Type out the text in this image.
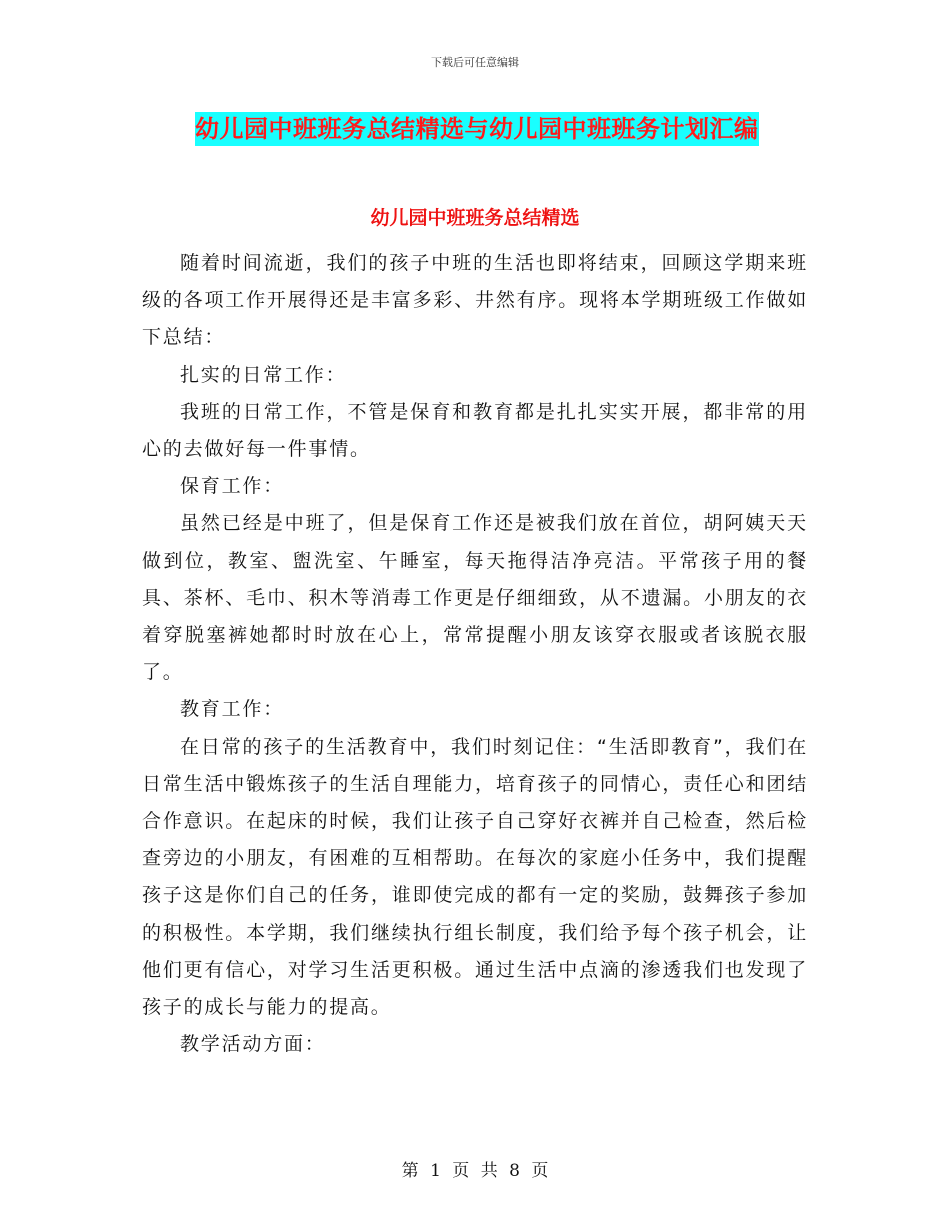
下载后可任意编辑
幼儿园中班班务总结精选与幼儿园中班班务计划汇编
幼儿园中班班务总结精选

随着时间流逝，我们的孩子中班的生活也即将结束，回顾这学期来班级的各项工作开展得还是丰富多彩、井然有序。现将本学期班级工作做如下总结：

扎实的日常工作：

我班的日常工作，不管是保育和教育都是扎扎实实开展，都非常的用心的去做好每一件事情。

保育工作：

虽然已经是中班了，但是保育工作还是被我们放在首位，胡阿姨天天做到位，教室、盥洗室、午睡室，每天拖得洁净亮洁。平常孩子用的餐具、茶杯、毛巾、积木等消毒工作更是仔细细致，从不遗漏。小朋友的衣着穿脱塞裤她都时时放在心上，常常提醒小朋友该穿衣服或者该脱衣服了。

教育工作：

在日常的孩子的生活教育中，我们时刻记住：“生活即教育”，我们在日常生活中锻炼孩子的生活自理能力，培育孩子的同情心，责任心和团结合作意识。在起床的时候，我们让孩子自己穿好衣裤并自己检查，然后检查旁边的小朋友，有困难的互相帮助。在每次的家庭小任务中，我们提醒孩子这是你们自己的任务，谁即使完成的都有一定的奖励，鼓舞孩子参加的积极性。本学期，我们继续执行组长制度，我们给予每个孩子机会，让他们更有信心，对学习生活更积极。通过生活中点滴的渗透我们也发现了孩子的成长与能力的提高。

教学活动方面：

第 1 页 共 8 页
